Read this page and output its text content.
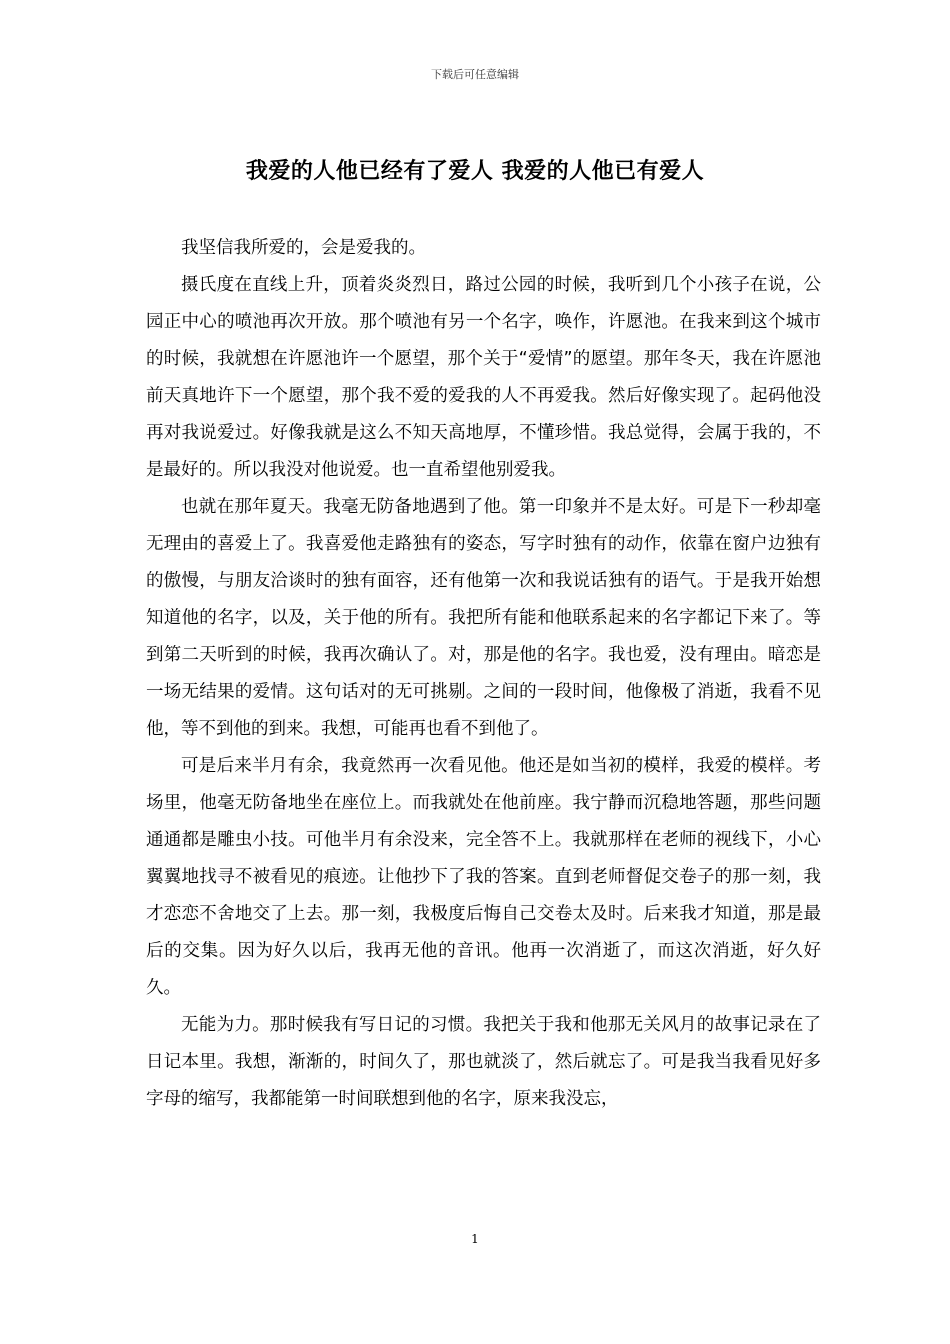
下载后可任意编辑
我爱的人他已经有了爱人 我爱的人他已有爱人

我坚信我所爱的，会是爱我的。

摄氏度在直线上升，顶着炎炎烈日，路过公园的时候，我听到几个小孩子在说，公园正中心的喷池再次开放。那个喷池有另一个名字，唤作，许愿池。在我来到这个城市的时候，我就想在许愿池许一个愿望，那个关于“爱情”的愿望。那年冬天，我在许愿池前天真地许下一个愿望，那个我不爱的爱我的人不再爱我。然后好像实现了。起码他没再对我说爱过。好像我就是这么不知天高地厚，不懂珍惜。我总觉得，会属于我的，不是最好的。所以我没对他说爱。也一直希望他别爱我。

也就在那年夏天。我毫无防备地遇到了他。第一印象并不是太好。可是下一秒却毫无理由的喜爱上了。我喜爱他走路独有的姿态，写字时独有的动作，依靠在窗户边独有的傲慢，与朋友洽谈时的独有面容，还有他第一次和我说话独有的语气。于是我开始想知道他的名字，以及，关于他的所有。我把所有能和他联系起来的名字都记下来了。等到第二天听到的时候，我再次确认了。对，那是他的名字。我也爱，没有理由。暗恋是一场无结果的爱情。这句话对的无可挑剔。之间的一段时间，他像极了消逝，我看不见他，等不到他的到来。我想，可能再也看不到他了。

可是后来半月有余，我竟然再一次看见他。他还是如当初的模样，我爱的模样。考场里，他毫无防备地坐在座位上。而我就处在他前座。我宁静而沉稳地答题，那些问题通通都是雕虫小技。可他半月有余没来，完全答不上。我就那样在老师的视线下，小心翼翼地找寻不被看见的痕迹。让他抄下了我的答案。直到老师督促交卷子的那一刻，我才恋恋不舍地交了上去。那一刻，我极度后悔自己交卷太及时。后来我才知道，那是最后的交集。因为好久以后，我再无他的音讯。他再一次消逝了，而这次消逝，好久好久。

无能为力。那时候我有写日记的习惯。我把关于我和他那无关风月的故事记录在了日记本里。我想，渐渐的，时间久了，那也就淡了，然后就忘了。可是我当我看见好多字母的缩写，我都能第一时间联想到他的名字，原来我没忘，

1
